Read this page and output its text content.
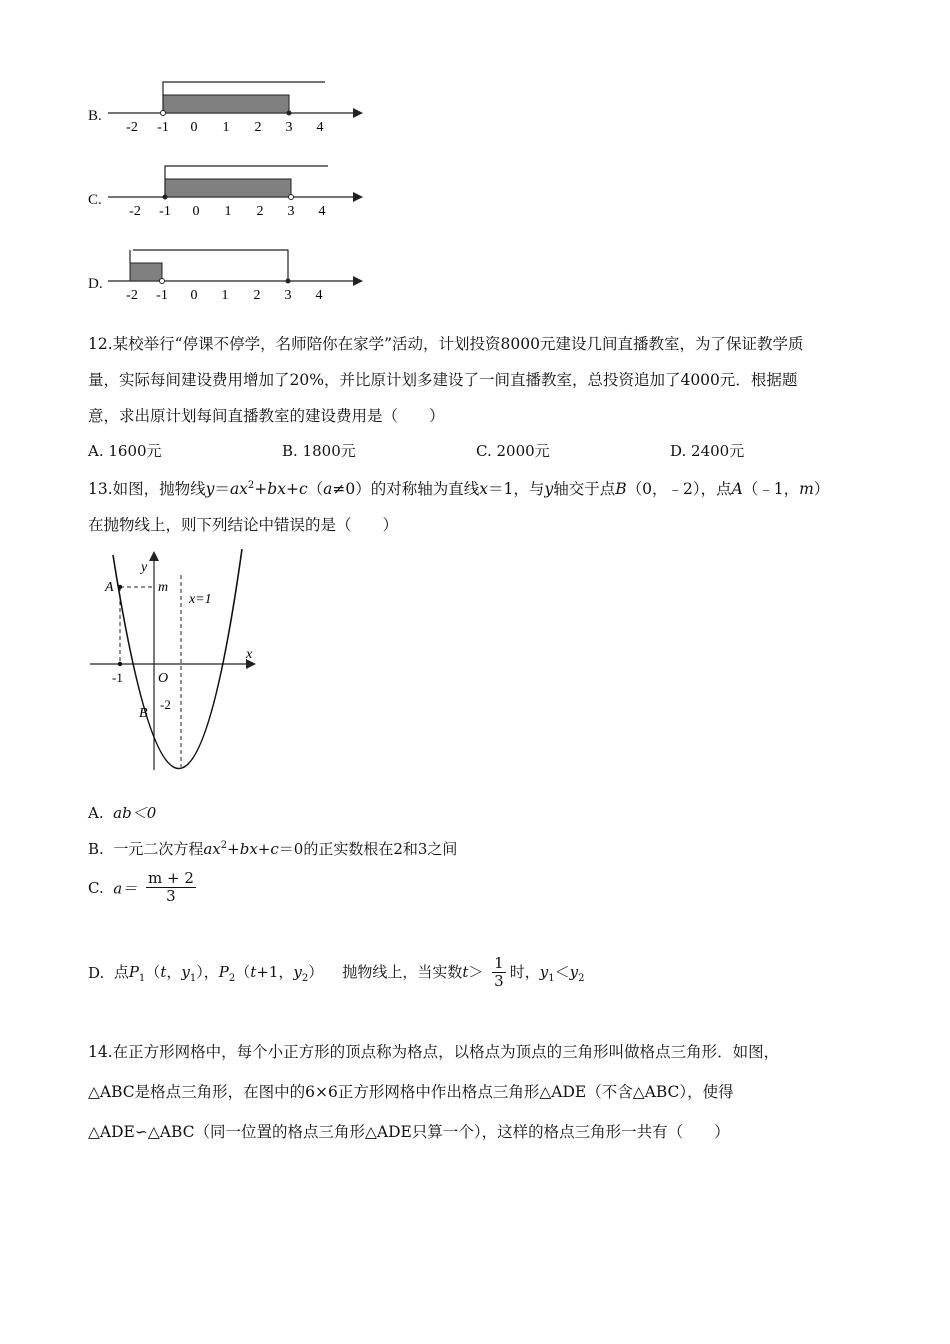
B.
-2 -1 0 1 2 3 4
C.
-2 -1 0 1 2 3 4
D.
-2 -1 0 1 2 3 4
12.某校举行“停课不停学，名师陪你在家学”活动，计划投资8000元建设几间直播教室，为了保证教学质
量，实际每间建设费用增加了20%，并比原计划多建设了一间直播教室，总投资追加了4000元．根据题
意，求出原计划每间直播教室的建设费用是（　　）
A. 1600元	B. 1800元	C. 2000元	D. 2400元
13.如图，抛物线$y=ax^2+bx+c(a\ne 0)$的对称轴为直线x＝1，与y轴交于点B（0，﹣2），点A（﹣1，m）
在抛物线上，则下列结论中错误的是（　　）
y
m
x=1
A
x
O
B
-1
-2
A. ab＜0
B. 一元二次方程$ax^2+bx+c=0$的正实数根在2和3之间
C. $a= \frac{m + 2}{3}$
D. 点$P_1(t$，$y_1$），$P_2(t+1$，$y_2$）    抛物线上，当实数$t> \frac{1}{3}$ 时，$y_1<y_2$
14.在正方形网格中，每个小正方形的顶点称为格点，以格点为顶点的三角形叫做格点三角形．如图，
△ABC是格点三角形，在图中的6×6正方形网格中作出格点三角形△ADE（不含△ABC），使得
△ADE∽△ABC（同一位置的格点三角形△ADE只算一个），这样的格点三角形一共有（　　）
